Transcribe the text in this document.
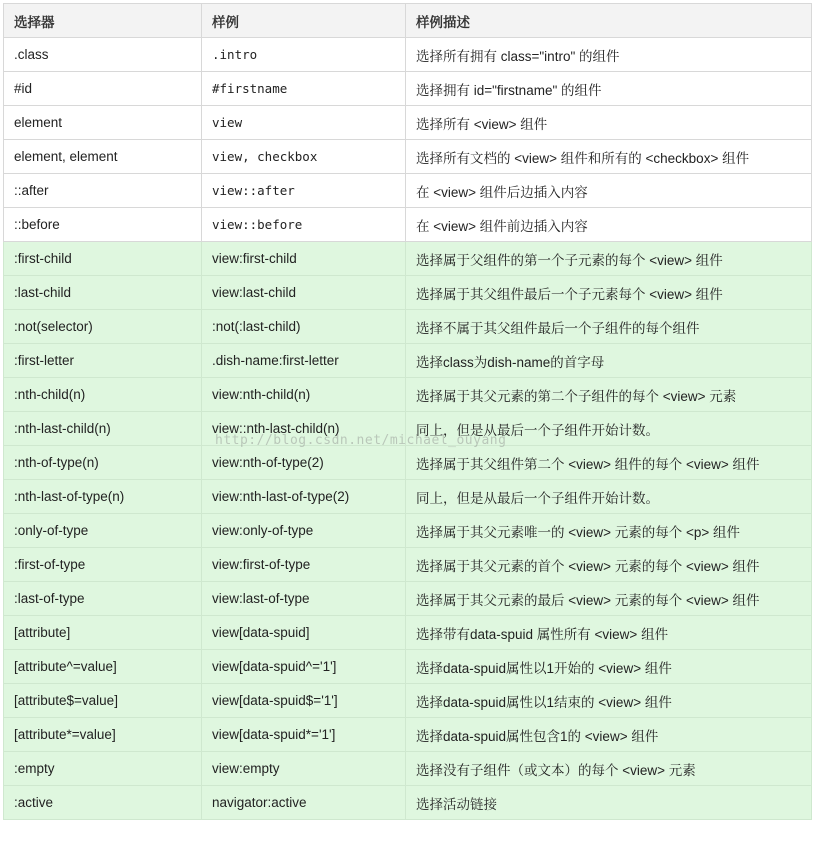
选择器	样例	样例描述
.class	.intro	选择所有拥有 class="intro" 的组件
#id	#firstname	选择拥有 id="firstname" 的组件
element	view	选择所有 <view> 组件
element, element	view, checkbox	选择所有文档的 <view> 组件和所有的 <checkbox> 组件
::after	view::after	在 <view> 组件后边插入内容
::before	view::before	在 <view> 组件前边插入内容
:first-child	view:first-child	选择属于父组件的第一个子元素的每个 <view> 组件
:last-child	view:last-child	选择属于其父组件最后一个子元素每个 <view> 组件
:not(selector)	:not(:last-child)	选择不属于其父组件最后一个子组件的每个组件
:first-letter	.dish-name:first-letter	选择class为dish-name的首字母
:nth-child(n)	view:nth-child(n)	选择属于其父元素的第二个子组件的每个 <view> 元素
:nth-last-child(n)	view::nth-last-child(n)	同上，但是从最后一个子组件开始计数。
:nth-of-type(n)	view:nth-of-type(2)	选择属于其父组件第二个 <view> 组件的每个 <view> 组件
:nth-last-of-type(n)	view:nth-last-of-type(2)	同上，但是从最后一个子组件开始计数。
:only-of-type	view:only-of-type	选择属于其父元素唯一的 <view> 元素的每个 <p> 组件
:first-of-type	view:first-of-type	选择属于其父元素的首个 <view> 元素的每个 <view> 组件
:last-of-type	view:last-of-type	选择属于其父元素的最后 <view> 元素的每个 <view> 组件
[attribute]	view[data-spuid]	选择带有data-spuid 属性所有 <view> 组件
[attribute^=value]	view[data-spuid^='1']	选择data-spuid属性以1开始的 <view> 组件
[attribute$=value]	view[data-spuid$='1']	选择data-spuid属性以1结束的 <view> 组件
[attribute*=value]	view[data-spuid*='1']	选择data-spuid属性包含1的 <view> 组件
:empty	view:empty	选择没有子组件（或文本）的每个 <view> 元素
:active	navigator:active	选择活动链接
http://blog.csdn.net/michael_ouyang
